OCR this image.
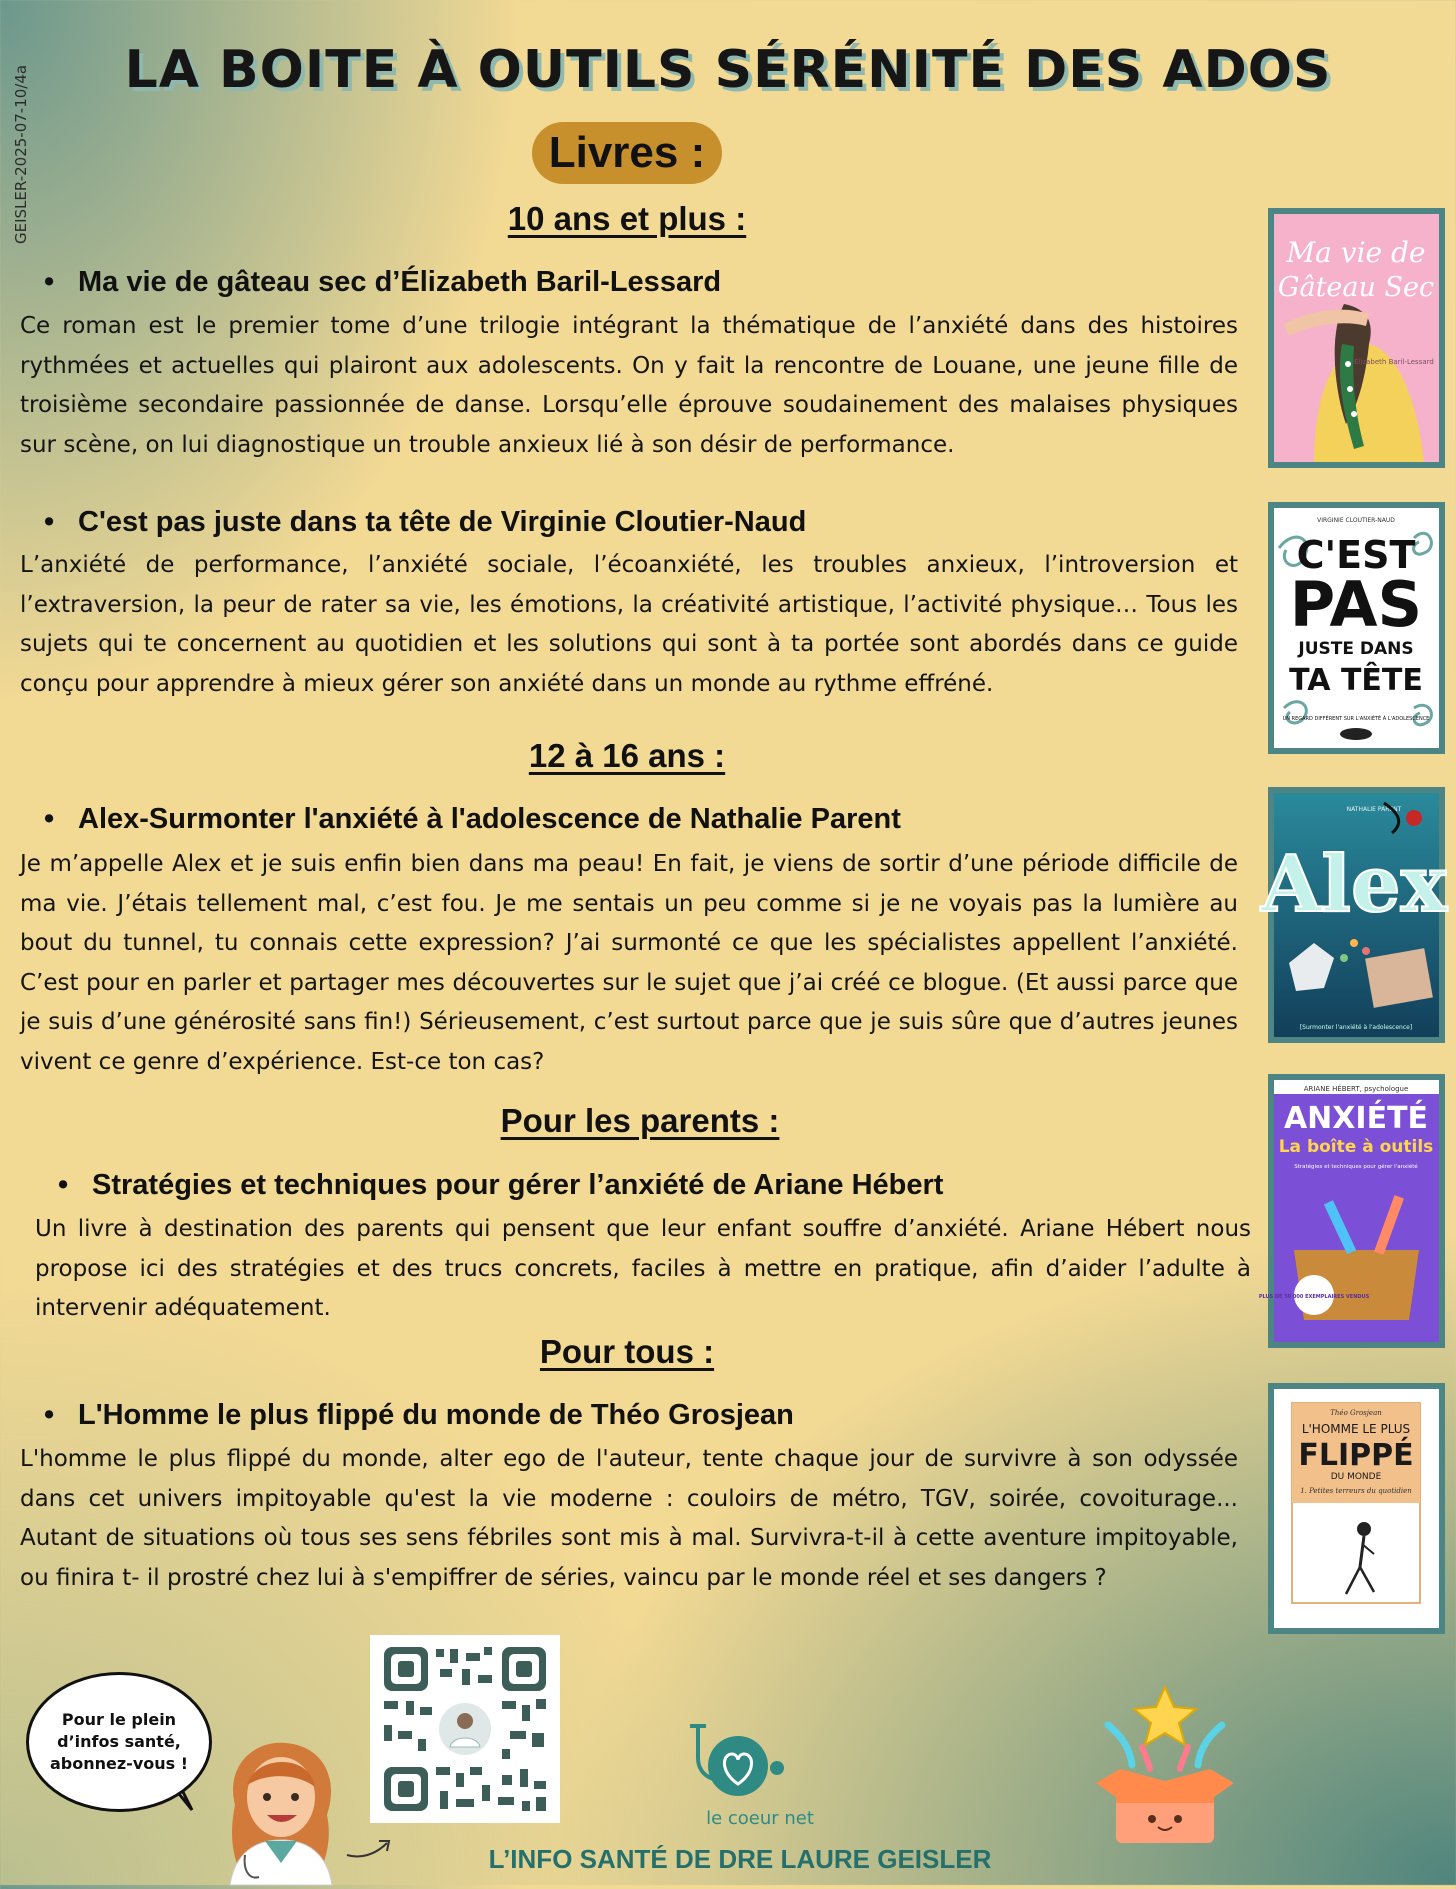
GEISLER-2025-07-10/4a	LA BOITE À OUTILS SÉRÉNITÉ DES ADOS
Livres :
10 ans et plus :
• Ma vie de gâteau sec d’Élizabeth Baril-Lessard
Ce roman est le premier tome d’une trilogie intégrant la thématique de l’anxiété dans des histoires rythmées et actuelles qui plairont aux adolescents. On y fait la rencontre de Louane, une jeune fille de troisième secondaire passionnée de danse. Lorsqu’elle éprouve soudainement des malaises physiques sur scène, on lui diagnostique un trouble anxieux lié à son désir de performance.
• C'est pas juste dans ta tête de Virginie Cloutier-Naud
L’anxiété de performance, l’anxiété sociale, l’écoanxiété, les troubles anxieux, l’introversion et l’extraversion, la peur de rater sa vie, les émotions, la créativité artistique, l’activité physique… Tous les sujets qui te concernent au quotidien et les solutions qui sont à ta portée sont abordés dans ce guide conçu pour apprendre à mieux gérer son anxiété dans un monde au rythme effréné.
12 à 16 ans :
• Alex-Surmonter l'anxiété à l'adolescence de Nathalie Parent
Je m’appelle Alex et je suis enfin bien dans ma peau! En fait, je viens de sortir d’une période difficile de ma vie. J’étais tellement mal, c’est fou. Je me sentais un peu comme si je ne voyais pas la lumière au bout du tunnel, tu connais cette expression? J’ai surmonté ce que les spécialistes appellent l’anxiété. C’est pour en parler et partager mes découvertes sur le sujet que j’ai créé ce blogue. (Et aussi parce que je suis d’une générosité sans fin!) Sérieusement, c’est surtout parce que je suis sûre que d’autres jeunes vivent ce genre d’expérience. Est-ce ton cas?
Pour les parents :
• Stratégies et techniques pour gérer l’anxiété de Ariane Hébert
Un livre à destination des parents qui pensent que leur enfant souffre d’anxiété. Ariane Hébert nous propose ici des stratégies et des trucs concrets, faciles à mettre en pratique, afin d’aider l’adulte à intervenir adéquatement.
Pour tous :
• L'Homme le plus flippé du monde de Théo Grosjean
L'homme le plus flippé du monde, alter ego de l'auteur, tente chaque jour de survivre à son odyssée dans cet univers impitoyable qu'est la vie moderne : couloirs de métro, TGV, soirée, covoiturage... Autant de situations où tous ses sens fébriles sont mis à mal. Survivra-t-il à cette aventure impitoyable, ou finira t- il prostré chez lui à s'empiffrer de séries, vaincu par le monde réel et ses dangers ?
Ma vie de
Gâteau Sec
Élizabeth Baril-Lessard
VIRGINIE CLOUTIER-NAUD
C'EST
PAS
JUSTE DANS
TA TÊTE
UN REGARD DIFFÉRENT SUR L'ANXIÉTÉ À L'ADOLESCENCE
NATHALIE PARENT
Alex
[Surmonter l'anxiété à l'adolescence]
ARIANE HÉBERT, psychologue
ANXIÉTÉ
La boîte à outils
Stratégies et techniques pour gérer l'anxiété
PLUS DE 50 000 EXEMPLAIRES VENDUS
Théo Grosjean
L'HOMME LE PLUS
FLIPPÉ
DU MONDE
1. Petites terreurs du quotidien
Pour le plein d’infos santé, abonnez-vous !
le coeur net
L’INFO SANTÉ DE DRE LAURE GEISLER
